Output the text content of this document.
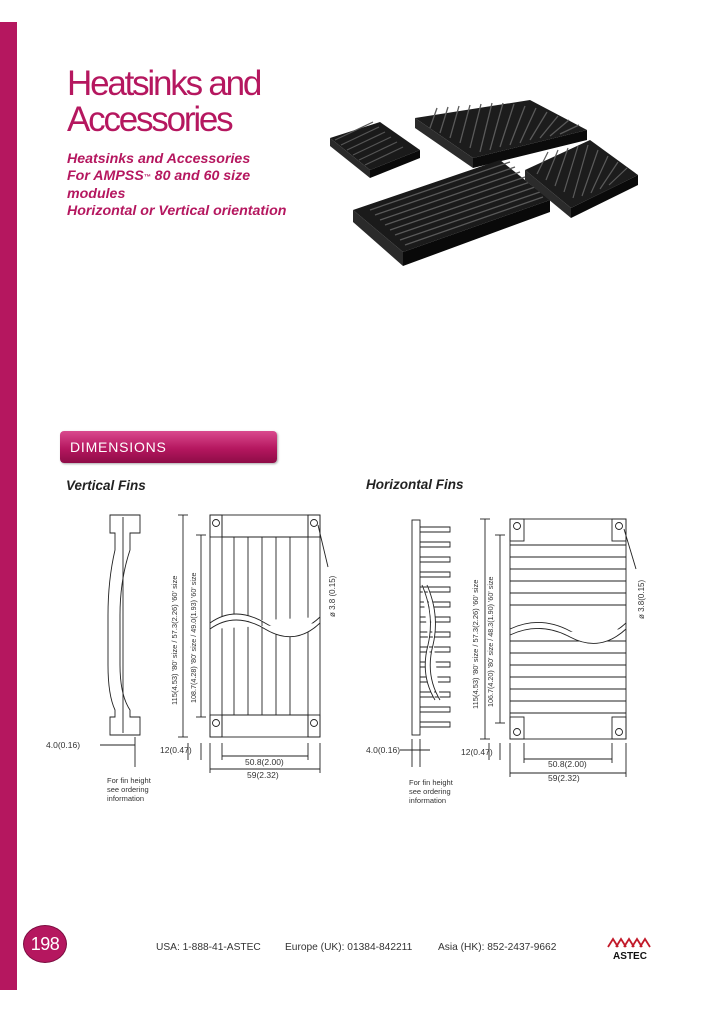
Heatsinks and
Accessories
Heatsinks and Accessories
For AMPSS™ 80 and 60 size
modules
Horizontal or Vertical orientation
DIMENSIONS
Vertical Fins	Horizontal Fins
4.0(0.16)	12(0.47)
50.8(2.00)
59(2.32)
For fin height
see ordering
information
115(4.53) '80' size / 57.3(2.26) '60' size 108.7(4.28) '80' size / 49.0(1.93) '60' size	ø 3.8 (0.15)
4.0(0.16)	12(0.47)
50.8(2.00)
59(2.32)
For fin height
see ordering
information
115(4.53) '80' size / 57.3(2.26) '60' size 106.7(4.20) '80' size / 48.3(1.90) '60' size	ø 3.8(0.15)
198	USA: 1-888-41-ASTEC Europe (UK): 01384-842211	Asia (HK): 852-2437-9662
ASTEC
